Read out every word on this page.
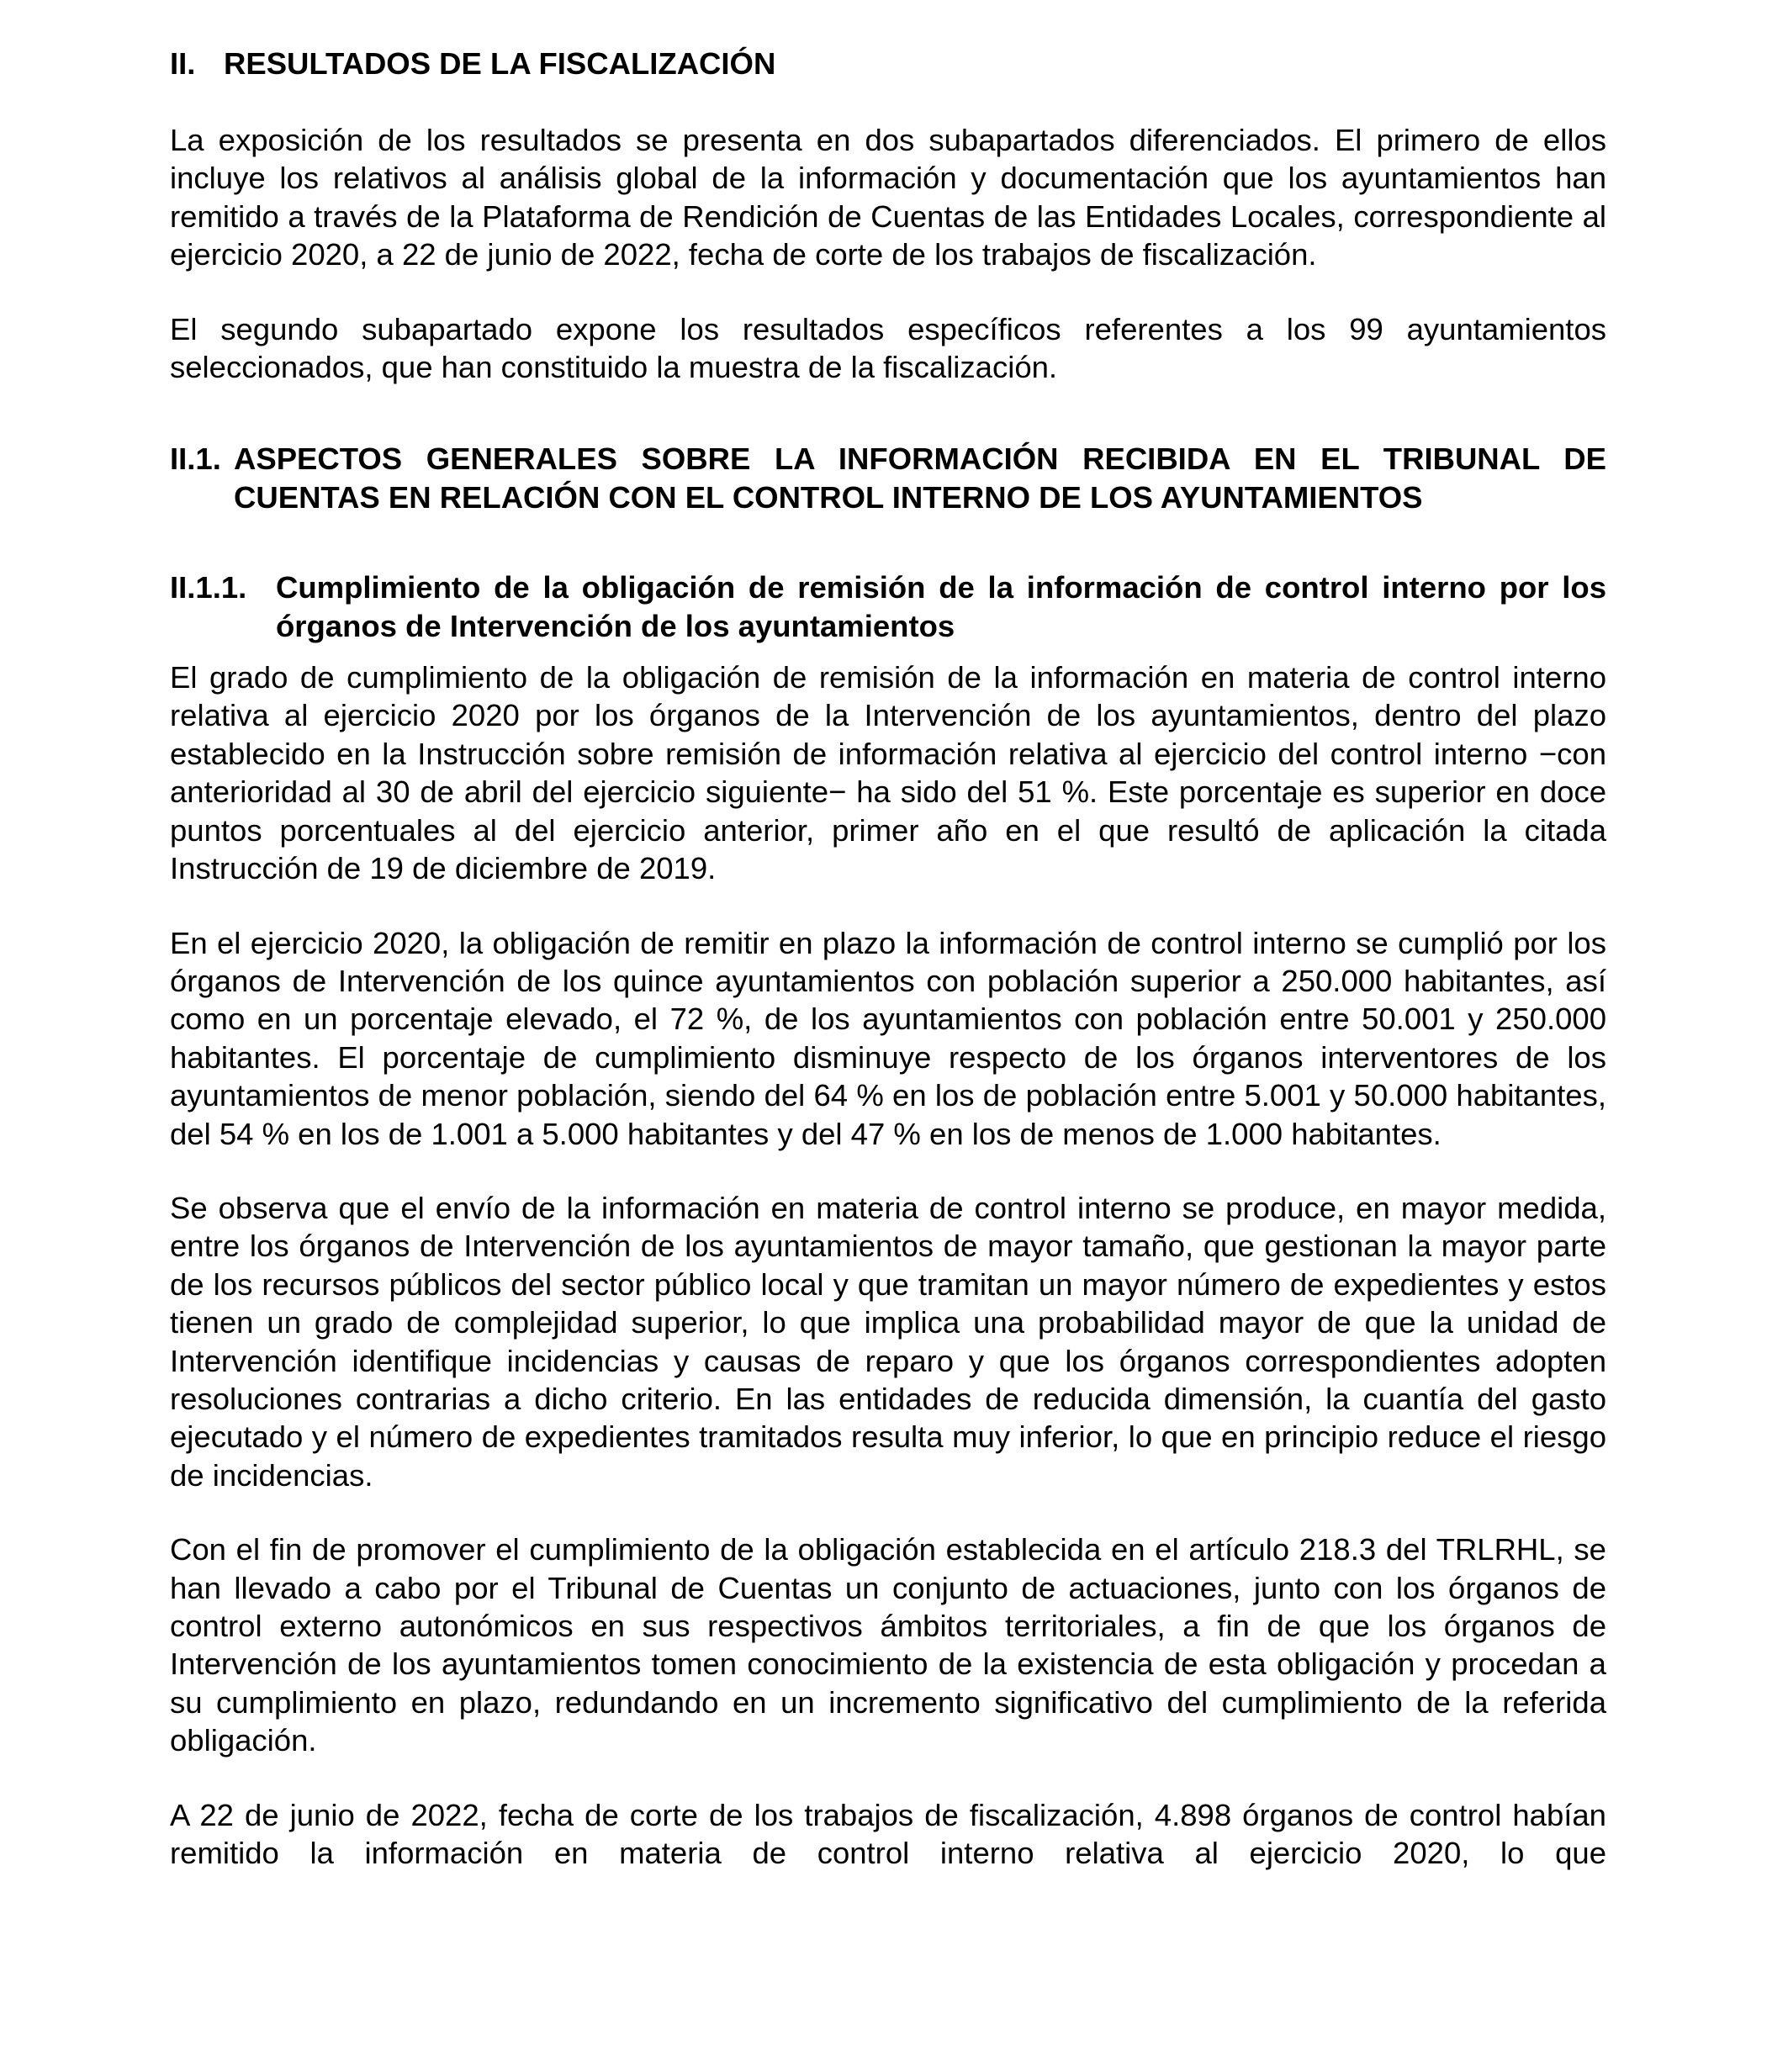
II. RESULTADOS DE LA FISCALIZACIÓN

La exposición de los resultados se presenta en dos subapartados diferenciados. El primero de ellos incluye los relativos al análisis global de la información y documentación que los ayuntamientos han remitido a través de la Plataforma de Rendición de Cuentas de las Entidades Locales, correspondiente al ejercicio 2020, a 22 de junio de 2022, fecha de corte de los trabajos de fiscalización.

El segundo subapartado expone los resultados específicos referentes a los 99 ayuntamientos seleccionados, que han constituido la muestra de la fiscalización.

II.1. ASPECTOS GENERALES SOBRE LA INFORMACIÓN RECIBIDA EN EL TRIBUNAL DE CUENTAS EN RELACIÓN CON EL CONTROL INTERNO DE LOS AYUNTAMIENTOS
II.1.1. Cumplimiento de la obligación de remisión de la información de control interno por los órganos de Intervención de los ayuntamientos

El grado de cumplimiento de la obligación de remisión de la información en materia de control interno relativa al ejercicio 2020 por los órganos de la Intervención de los ayuntamientos, dentro del plazo establecido en la Instrucción sobre remisión de información relativa al ejercicio del control interno −con anterioridad al 30 de abril del ejercicio siguiente− ha sido del 51 %. Este porcentaje es superior en doce puntos porcentuales al del ejercicio anterior, primer año en el que resultó de aplicación la citada Instrucción de 19 de diciembre de 2019.

En el ejercicio 2020, la obligación de remitir en plazo la información de control interno se cumplió por los órganos de Intervención de los quince ayuntamientos con población superior a 250.000 habitantes, así como en un porcentaje elevado, el 72 %, de los ayuntamientos con población entre 50.001 y 250.000 habitantes. El porcentaje de cumplimiento disminuye respecto de los órganos interventores de los ayuntamientos de menor población, siendo del 64 % en los de población entre 5.001 y 50.000 habitantes, del 54 % en los de 1.001 a 5.000 habitantes y del 47 % en los de menos de 1.000 habitantes.

Se observa que el envío de la información en materia de control interno se produce, en mayor medida, entre los órganos de Intervención de los ayuntamientos de mayor tamaño, que gestionan la mayor parte de los recursos públicos del sector público local y que tramitan un mayor número de expedientes y estos tienen un grado de complejidad superior, lo que implica una probabilidad mayor de que la unidad de Intervención identifique incidencias y causas de reparo y que los órganos correspondientes adopten resoluciones contrarias a dicho criterio. En las entidades de reducida dimensión, la cuantía del gasto ejecutado y el número de expedientes tramitados resulta muy inferior, lo que en principio reduce el riesgo de incidencias.

Con el fin de promover el cumplimiento de la obligación establecida en el artículo 218.3 del TRLRHL, se han llevado a cabo por el Tribunal de Cuentas un conjunto de actuaciones, junto con los órganos de control externo autonómicos en sus respectivos ámbitos territoriales, a fin de que los órganos de Intervención de los ayuntamientos tomen conocimiento de la existencia de esta obligación y procedan a su cumplimiento en plazo, redundando en un incremento significativo del cumplimiento de la referida obligación.

A 22 de junio de 2022, fecha de corte de los trabajos de fiscalización, 4.898 órganos de control habían remitido la información en materia de control interno relativa al ejercicio 2020, lo que
